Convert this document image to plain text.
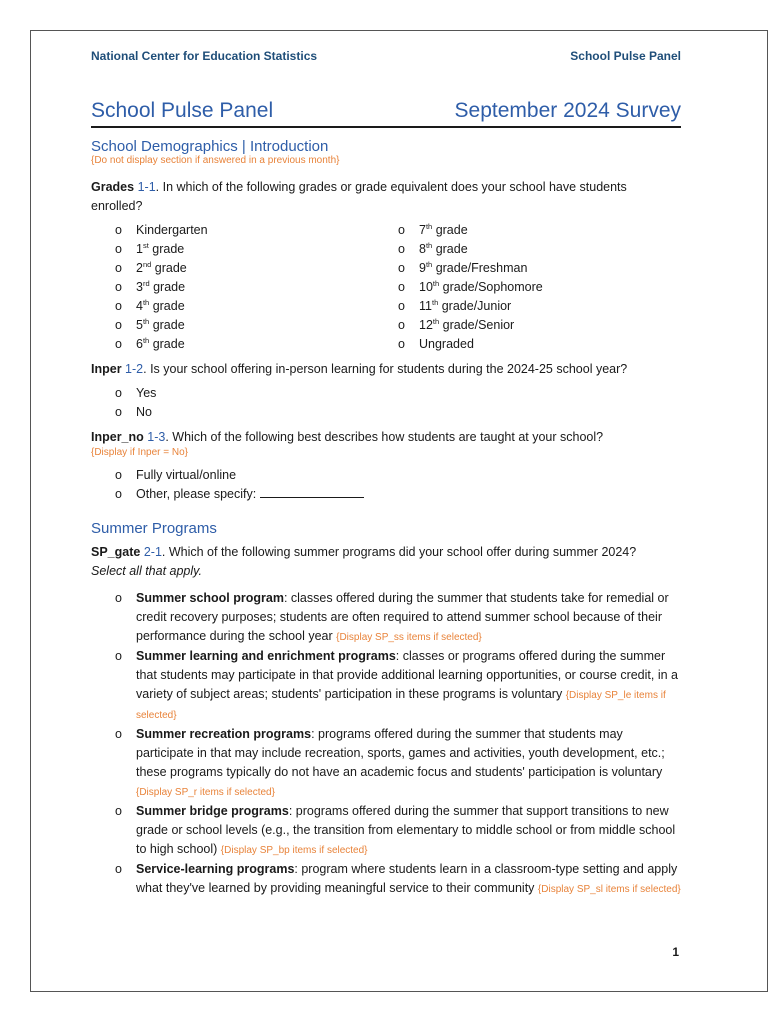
National Center for Education Statistics	School Pulse Panel
School Pulse Panel	September 2024 Survey
School Demographics | Introduction
{Do not display section if answered in a previous month}
Grades 1-1. In which of the following grades or grade equivalent does your school have students enrolled?
o Kindergarten
o 1st grade
o 2nd grade
o 3rd grade
o 4th grade
o 5th grade
o 6th grade
o 7th grade
o 8th grade
o 9th grade/Freshman
o 10th grade/Sophomore
o 11th grade/Junior
o 12th grade/Senior
o Ungraded
Inper 1-2. Is your school offering in-person learning for students during the 2024-25 school year?
o Yes
o No
Inper_no 1-3. Which of the following best describes how students are taught at your school?
{Display if Inper = No}
o Fully virtual/online
o Other, please specify:
Summer Programs
SP_gate 2-1. Which of the following summer programs did your school offer during summer 2024?
Select all that apply.
o Summer school program: classes offered during the summer that students take for remedial or credit recovery purposes; students are often required to attend summer school because of their performance during the school year {Display SP_ss items if selected}
o Summer learning and enrichment programs: classes or programs offered during the summer that students may participate in that provide additional learning opportunities, or course credit, in a variety of subject areas; students' participation in these programs is voluntary {Display SP_le items if selected}
o Summer recreation programs: programs offered during the summer that students may participate in that may include recreation, sports, games and activities, youth development, etc.; these programs typically do not have an academic focus and students' participation is voluntary {Display SP_r items if selected}
o Summer bridge programs: programs offered during the summer that support transitions to new grade or school levels (e.g., the transition from elementary to middle school or from middle school to high school) {Display SP_bp items if selected}
o Service-learning programs: program where students learn in a classroom-type setting and apply what they've learned by providing meaningful service to their community {Display SP_sl items if selected}
1
